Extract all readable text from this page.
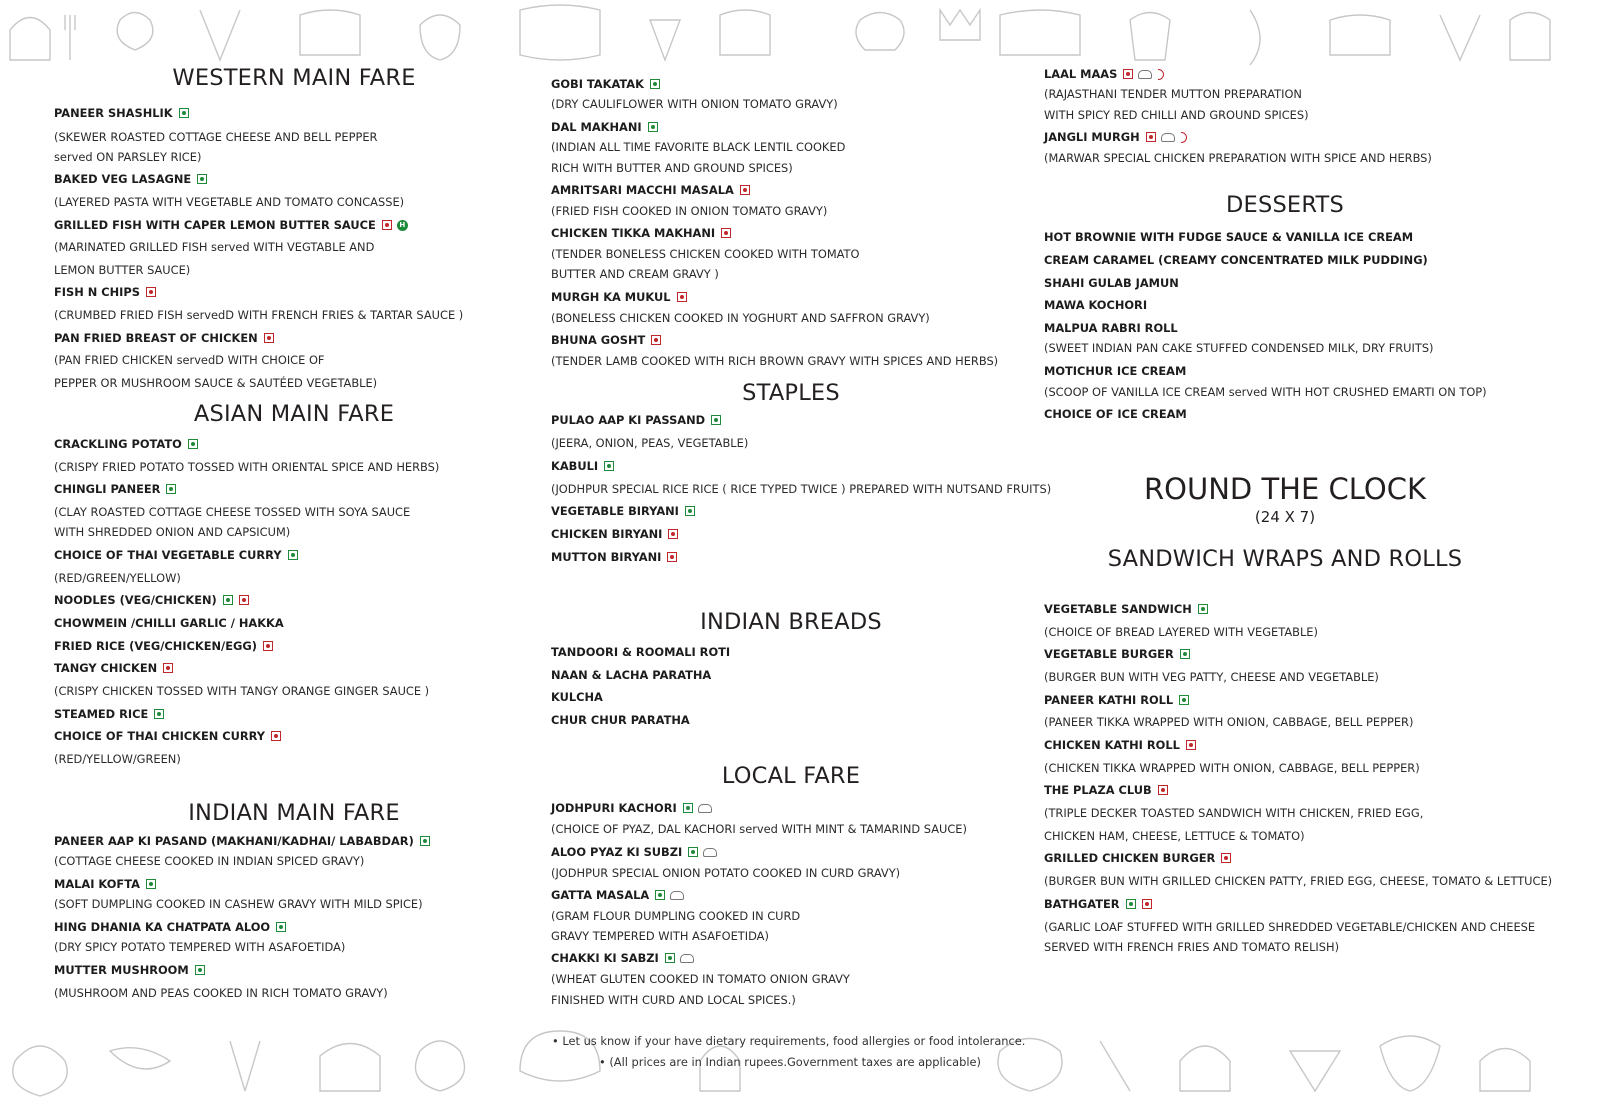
WESTERN MAIN FARE
PANEER SHASHLIK
(SKEWER ROASTED COTTAGE CHEESE AND BELL PEPPER
served ON PARSLEY RICE)
BAKED VEG LASAGNE
(LAYERED PASTA WITH VEGETABLE AND TOMATO CONCASSE)
GRILLED FISH WITH CAPER LEMON BUTTER SAUCE	H
(MARINATED GRILLED FISH served WITH VEGTABLE AND
LEMON BUTTER SAUCE)
FISH N CHIPS
(CRUMBED FRIED FISH servedD WITH FRENCH FRIES & TARTAR SAUCE )
PAN FRIED BREAST OF CHICKEN
(PAN FRIED CHICKEN servedD WITH CHOICE OF
PEPPER OR MUSHROOM SAUCE & SAUTÉED VEGETABLE)
ASIAN MAIN FARE
CRACKLING POTATO
(CRISPY FRIED POTATO TOSSED WITH ORIENTAL SPICE AND HERBS)
CHINGLI PANEER
(CLAY ROASTED COTTAGE CHEESE TOSSED WITH SOYA SAUCE
WITH SHREDDED ONION AND CAPSICUM)
CHOICE OF THAI VEGETABLE CURRY
(RED/GREEN/YELLOW)
NOODLES (VEG/CHICKEN)
CHOWMEIN /CHILLI GARLIC / HAKKA
FRIED RICE (VEG/CHICKEN/EGG)
TANGY CHICKEN
(CRISPY CHICKEN TOSSED WITH TANGY ORANGE GINGER SAUCE )
STEAMED RICE
CHOICE OF THAI CHICKEN CURRY
(RED/YELLOW/GREEN)
INDIAN MAIN FARE
PANEER AAP KI PASAND (MAKHANI/KADHAI/ LABABDAR)
(COTTAGE CHEESE COOKED IN INDIAN SPICED GRAVY)
MALAI KOFTA
(SOFT DUMPLING COOKED IN CASHEW GRAVY WITH MILD SPICE)
HING DHANIA KA CHATPATA ALOO
(DRY SPICY POTATO TEMPERED WITH ASAFOETIDA)
MUTTER MUSHROOM
(MUSHROOM AND PEAS COOKED IN RICH TOMATO GRAVY)
GOBI TAKATAK
(DRY CAULIFLOWER WITH ONION TOMATO GRAVY)
DAL MAKHANI
(INDIAN ALL TIME FAVORITE BLACK LENTIL COOKED
RICH WITH BUTTER AND GROUND SPICES)
AMRITSARI MACCHI MASALA
(FRIED FISH COOKED IN ONION TOMATO GRAVY)
CHICKEN TIKKA MAKHANI
(TENDER BONELESS CHICKEN COOKED WITH TOMATO
BUTTER AND CREAM GRAVY )
MURGH KA MUKUL
(BONELESS CHICKEN COOKED IN YOGHURT AND SAFFRON GRAVY)
BHUNA GOSHT
(TENDER LAMB COOKED WITH RICH BROWN GRAVY WITH SPICES AND HERBS)
STAPLES
PULAO AAP KI PASSAND
(JEERA, ONION, PEAS, VEGETABLE)
KABULI
(JODHPUR SPECIAL RICE RICE ( RICE TYPED TWICE ) PREPARED WITH NUTSAND FRUITS)
VEGETABLE BIRYANI
CHICKEN BIRYANI
MUTTON BIRYANI
INDIAN BREADS
TANDOORI & ROOMALI ROTI
NAAN & LACHA PARATHA
KULCHA
CHUR CHUR PARATHA
LOCAL FARE
JODHPURI KACHORI
(CHOICE OF PYAZ, DAL KACHORI served WITH MINT & TAMARIND SAUCE)
ALOO PYAZ KI SUBZI
(JODHPUR SPECIAL ONION POTATO COOKED IN CURD GRAVY)
GATTA MASALA
(GRAM FLOUR DUMPLING COOKED IN CURD
GRAVY TEMPERED WITH ASAFOETIDA)
CHAKKI KI SABZI
(WHEAT GLUTEN COOKED IN TOMATO ONION GRAVY
FINISHED WITH CURD AND LOCAL SPICES.)
LAAL MAAS
(RAJASTHANI TENDER MUTTON PREPARATION
WITH SPICY RED CHILLI AND GROUND SPICES)
JANGLI MURGH
(MARWAR SPECIAL CHICKEN PREPARATION WITH SPICE AND HERBS)
DESSERTS
HOT BROWNIE WITH FUDGE SAUCE & VANILLA ICE CREAM
CREAM CARAMEL (CREAMY CONCENTRATED MILK PUDDING)
SHAHI GULAB JAMUN
MAWA KOCHORI
MALPUA RABRI ROLL
(SWEET INDIAN PAN CAKE STUFFED CONDENSED MILK, DRY FRUITS)
MOTICHUR ICE CREAM
(SCOOP OF VANILLA ICE CREAM served WITH HOT CRUSHED EMARTI ON TOP)
CHOICE OF ICE CREAM
ROUND THE CLOCK
(24 X 7)
SANDWICH WRAPS AND ROLLS
VEGETABLE SANDWICH
(CHOICE OF BREAD LAYERED WITH VEGETABLE)
VEGETABLE BURGER
(BURGER BUN WITH VEG PATTY, CHEESE AND VEGETABLE)
PANEER KATHI ROLL
(PANEER TIKKA WRAPPED WITH ONION, CABBAGE, BELL PEPPER)
CHICKEN KATHI ROLL
(CHICKEN TIKKA WRAPPED WITH ONION, CABBAGE, BELL PEPPER)
THE PLAZA CLUB
(TRIPLE DECKER TOASTED SANDWICH WITH CHICKEN, FRIED EGG,
CHICKEN HAM, CHEESE, LETTUCE & TOMATO)
GRILLED CHICKEN BURGER
(BURGER BUN WITH GRILLED CHICKEN PATTY, FRIED EGG, CHEESE, TOMATO & LETTUCE)
BATHGATER
(GARLIC LOAF STUFFED WITH GRILLED SHREDDED VEGETABLE/CHICKEN AND CHEESE
SERVED WITH FRENCH FRIES AND TOMATO RELISH)
• Let us know if your have dietary requirements, food allergies or food intolerance.
• (All prices are in Indian rupees.Government taxes are applicable)
